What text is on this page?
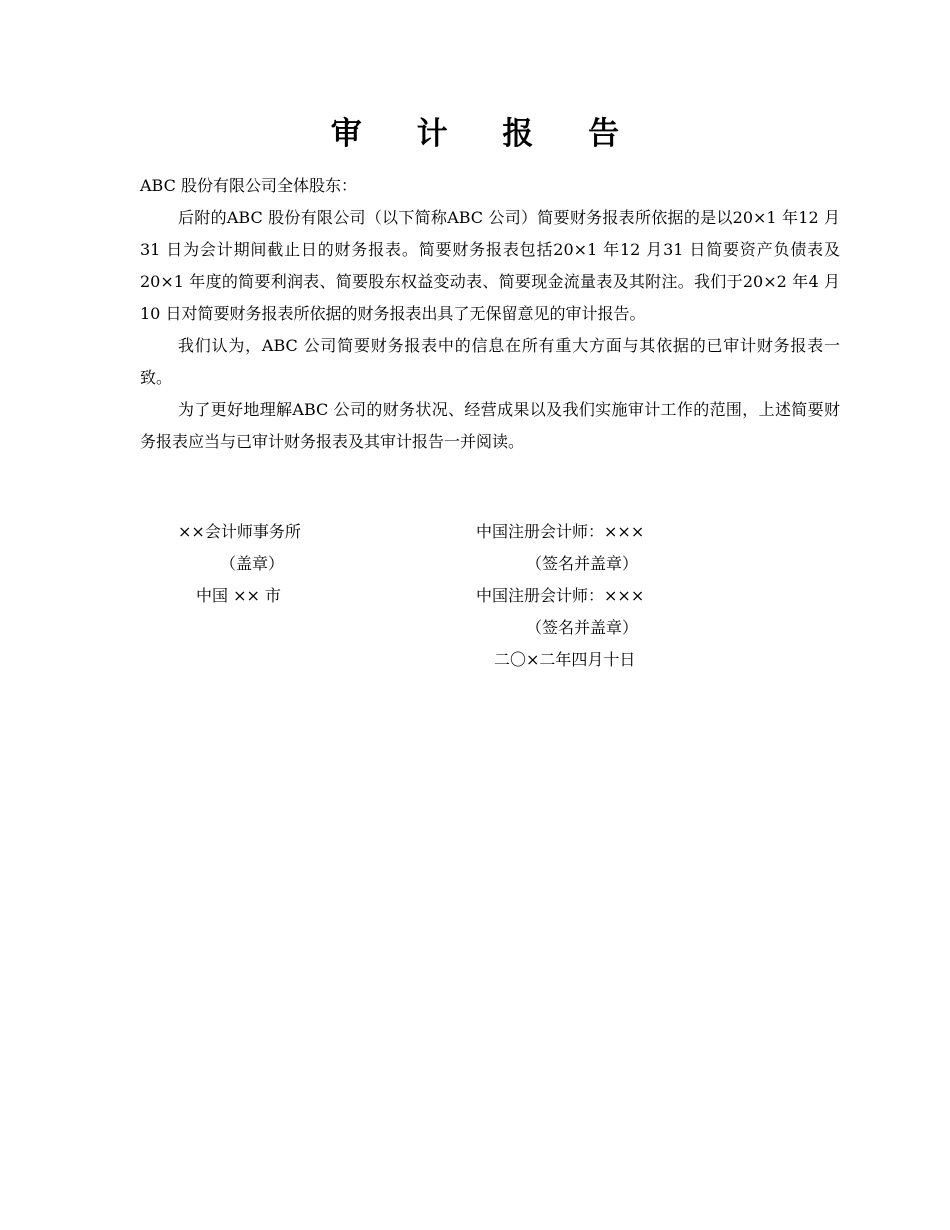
审 计 报 告

ABC 股份有限公司全体股东：

后附的ABC 股份有限公司（以下简称ABC 公司）简要财务报表所依据的是以20×1 年12 月31 日为会计期间截止日的财务报表。简要财务报表包括20×1 年12 月31 日简要资产负债表及20×1 年度的简要利润表、简要股东权益变动表、简要现金流量表及其附注。我们于20×2 年4 月10 日对简要财务报表所依据的财务报表出具了无保留意见的审计报告。

我们认为，ABC 公司简要财务报表中的信息在所有重大方面与其依据的已审计财务报表一致。

为了更好地理解ABC 公司的财务状况、经营成果以及我们实施审计工作的范围，上述简要财务报表应当与已审计财务报表及其审计报告一并阅读。

××会计师事务所
（盖章）
中国 ×× 市
中国注册会计师：×××
（签名并盖章）
中国注册会计师：×××
（签名并盖章）
二〇×二年四月十日
